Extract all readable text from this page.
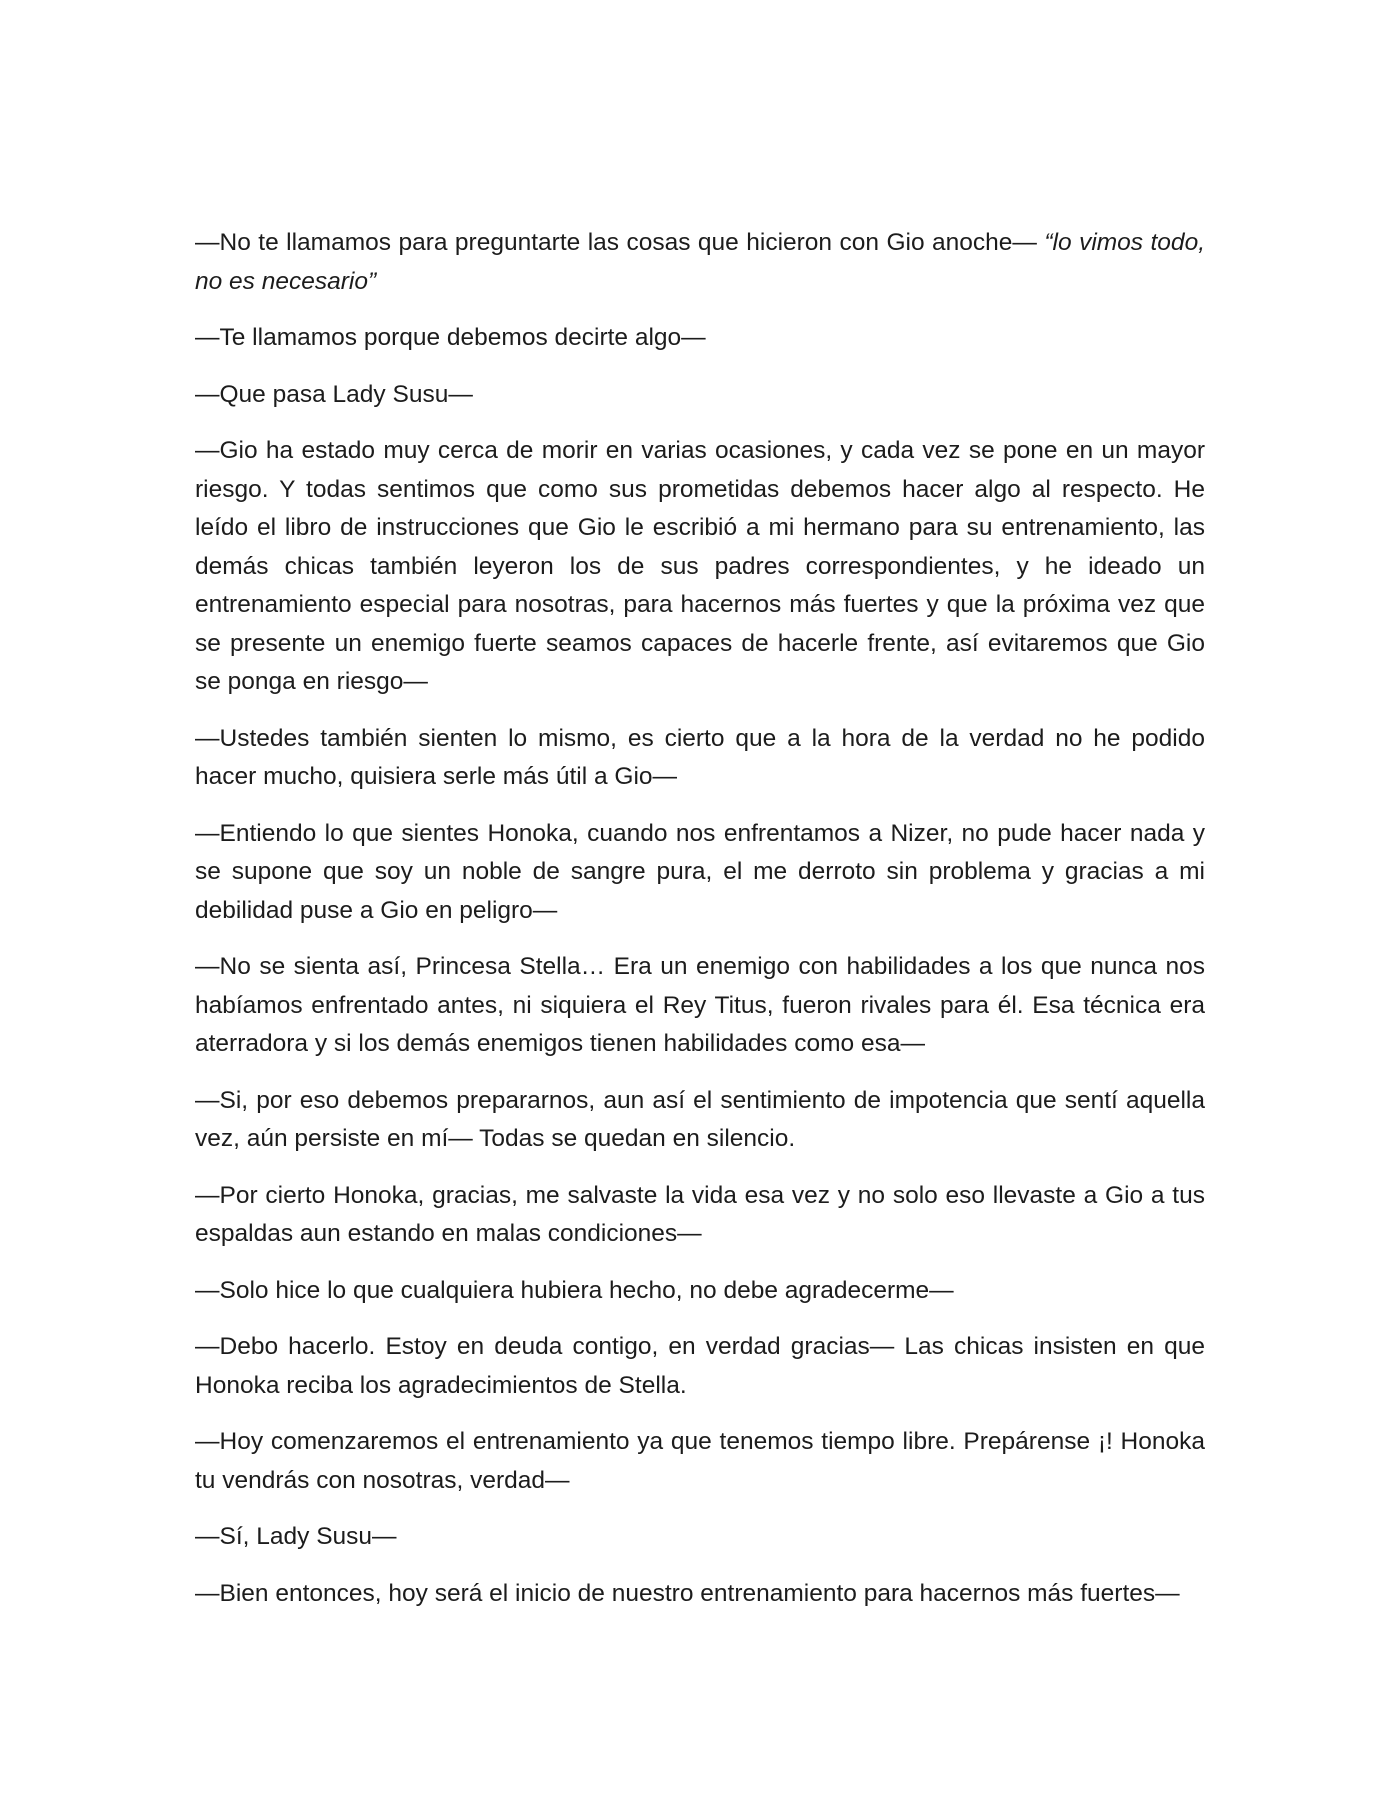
—No te llamamos para preguntarte las cosas que hicieron con Gio anoche— “lo vimos todo, no es necesario”

—Te llamamos porque debemos decirte algo—

—Que pasa Lady Susu—

—Gio ha estado muy cerca de morir en varias ocasiones, y cada vez se pone en un mayor riesgo. Y todas sentimos que como sus prometidas debemos hacer algo al respecto. He leído el libro de instrucciones que Gio le escribió a mi hermano para su entrenamiento, las demás chicas también leyeron los de sus padres correspondientes, y he ideado un entrenamiento especial para nosotras, para hacernos más fuertes y que la próxima vez que se presente un enemigo fuerte seamos capaces de hacerle frente, así evitaremos que Gio se ponga en riesgo—

—Ustedes también sienten lo mismo, es cierto que a la hora de la verdad no he podido hacer mucho, quisiera serle más útil a Gio—

—Entiendo lo que sientes Honoka, cuando nos enfrentamos a Nizer, no pude hacer nada y se supone que soy un noble de sangre pura, el me derroto sin problema y gracias a mi debilidad puse a Gio en peligro—

—No se sienta así, Princesa Stella… Era un enemigo con habilidades a los que nunca nos habíamos enfrentado antes, ni siquiera el Rey Titus, fueron rivales para él. Esa técnica era aterradora y si los demás enemigos tienen habilidades como esa—

—Si, por eso debemos prepararnos, aun así el sentimiento de impotencia que sentí aquella vez, aún persiste en mí— Todas se quedan en silencio.

—Por cierto Honoka, gracias, me salvaste la vida esa vez y no solo eso llevaste a Gio a tus espaldas aun estando en malas condiciones—

—Solo hice lo que cualquiera hubiera hecho, no debe agradecerme—

—Debo hacerlo. Estoy en deuda contigo, en verdad gracias— Las chicas insisten en que Honoka reciba los agradecimientos de Stella.

—Hoy comenzaremos el entrenamiento ya que tenemos tiempo libre. Prepárense ¡! Honoka tu vendrás con nosotras, verdad—

—Sí, Lady Susu—

—Bien entonces, hoy será el inicio de nuestro entrenamiento para hacernos más fuertes—
